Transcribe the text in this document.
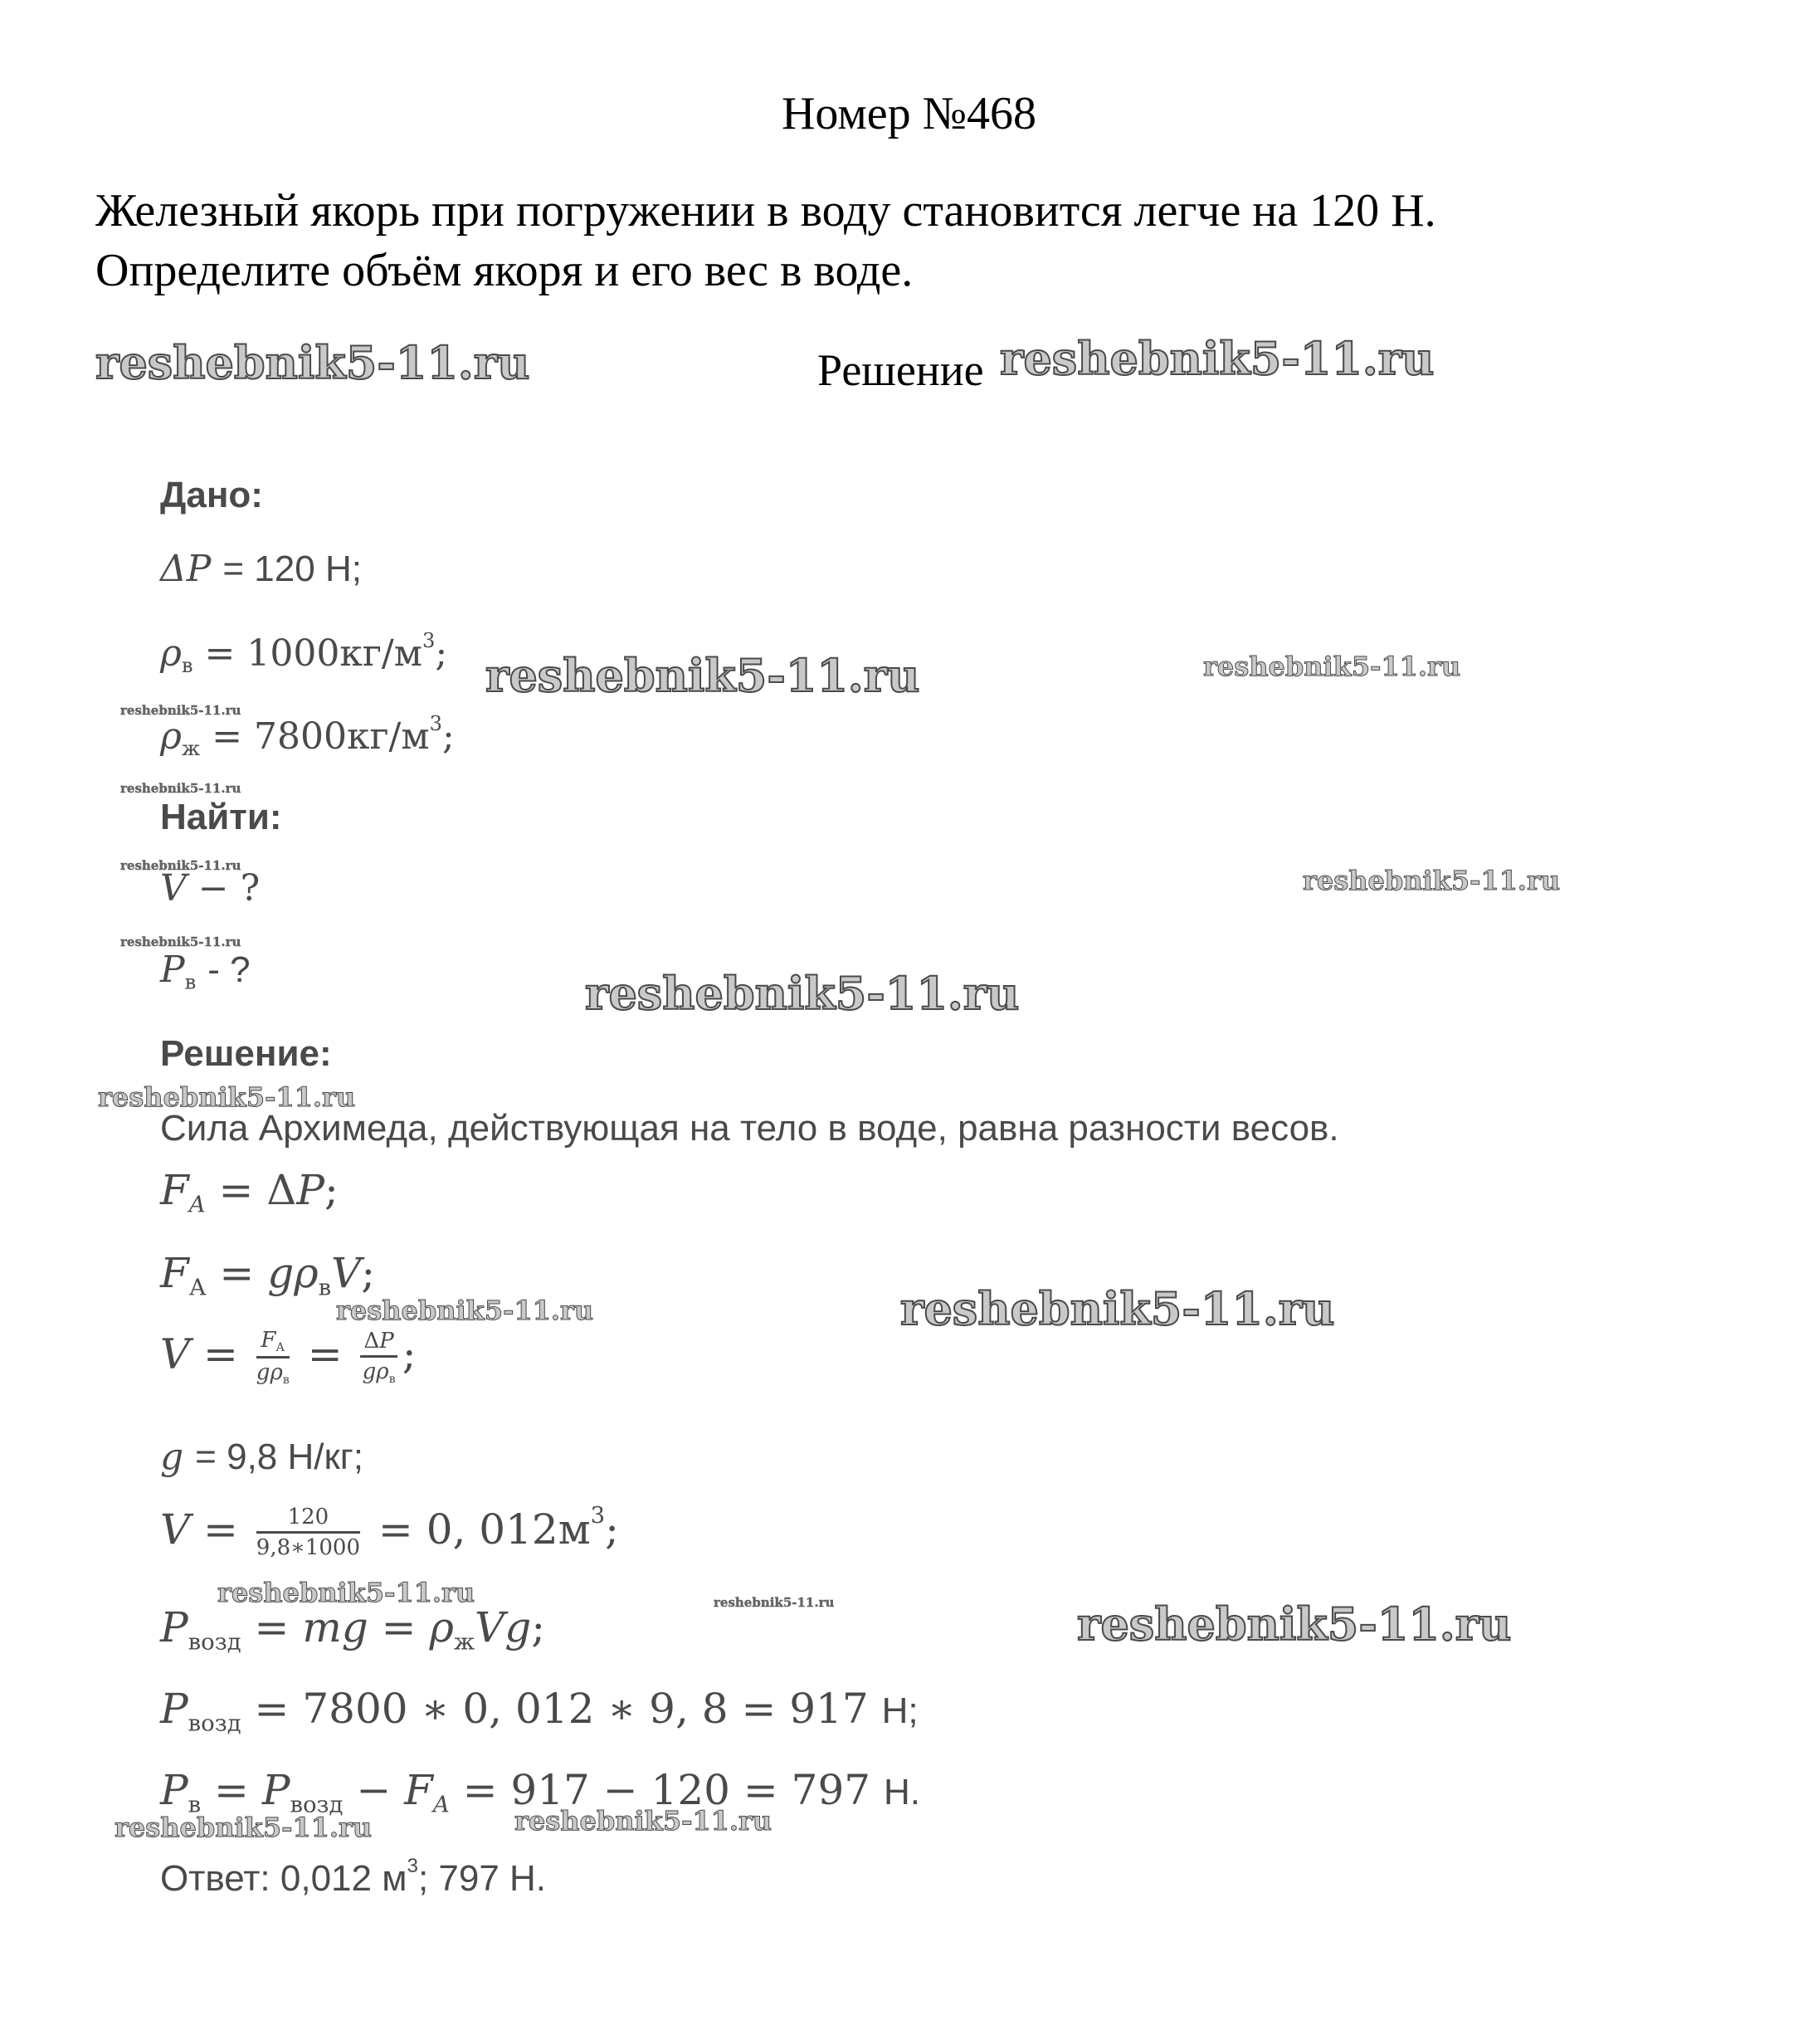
Номер №468
Железный якорь при погружении в воду становится легче на 120 Н.
Определите объём якоря и его вес в воде.
reshebnik5-11.ru	Решение reshebnik5-11.ru
Дано:
ΔP = 120 Н;
$\rho_в = 1000кг/м^3$; reshebnik5-11.ru	reshebnik5-11.ru
reshebnik5-11.ru
$\rho_ж = 7800кг/м^3$;
reshebnik5-11.ru
Найти:
reshebnik5-11.ru
V − ?	reshebnik5-11.ru
reshebnik5-11.ru
$P_в$ - ?	reshebnik5-11.ru
Решение:
reshebnik5-11.ru
Сила Архимеда, действующая на тело в воде, равна разности весов.
$F_A = \Delta P$;
$F_А = g\rho_вV$;
reshebnik5-11.ru	reshebnik5-11.ru
$V = \frac{F_А}{g\rho_в} = \frac{\Delta P}{g\rho_в}$ ;
g = 9,8 Н/кг;
$V = \frac{120}{9,8∗1000} = 0$, $012м^3$;
reshebnik5-11.ru	reshebnik5-11.ru	reshebnik5-11.ru
$P_{возд}$ = mg = $\rho_жVg$;
$P_{возд} = 7800$ ∗ 0, 012 ∗ 9, 8 = 917 Н;
$P_в = P_{возд} - F_A = 917 - 120 = 797$ Н.
reshebnik5-11.ru	reshebnik5-11.ru
Ответ: 0,012 $м^3$; 797 Н.
